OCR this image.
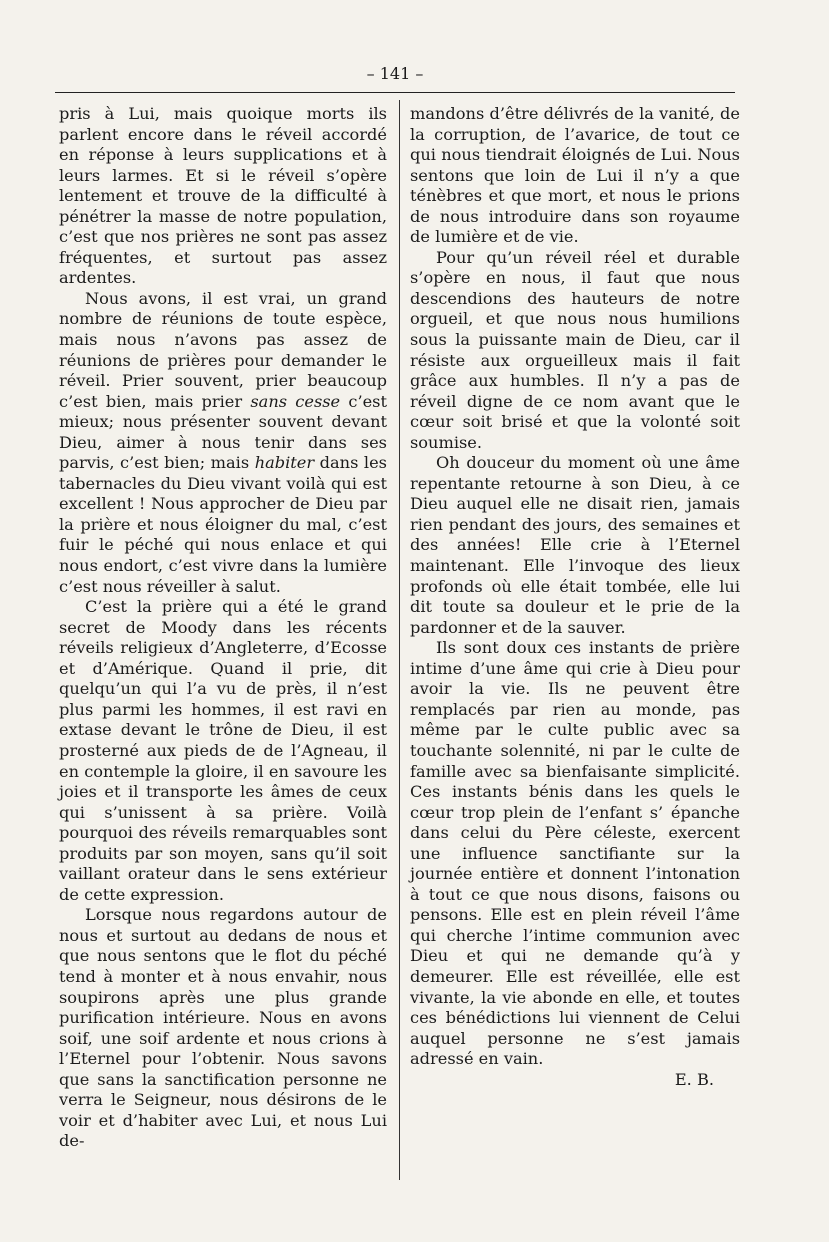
– 141 –

pris à Lui, mais quoique morts ils parlent encore dans le réveil accordé en réponse à leurs supplications et à leurs larmes. Et si le réveil s’opère lentement et trouve de la difficulté à pénétrer la masse de notre population, c’est que nos prières ne sont pas assez fréquentes, et surtout pas assez ardentes.

Nous avons, il est vrai, un grand nombre de réunions de toute espèce, mais nous n’avons pas assez de réunions de prières pour demander le réveil. Prier souvent, prier beaucoup c’est bien, mais prier sans cesse c’est mieux; nous présenter souvent devant Dieu, aimer à nous tenir dans ses parvis, c’est bien; mais habiter dans les tabernacles du Dieu vivant voilà qui est excellent ! Nous approcher de Dieu par la prière et nous éloigner du mal, c’est fuir le péché qui nous enlace et qui nous endort, c’est vivre dans la lumière c’est nous réveiller à salut.

C’est la prière qui a été le grand secret de Moody dans les récents réveils religieux d’Angleterre, d’Ecosse et d’Amérique. Quand il prie, dit quelqu’un qui l’a vu de près, il n’est plus parmi les hommes, il est ravi en extase devant le trône de Dieu, il est prosterné aux pieds de de l’Agneau, il en contemple la gloire, il en savoure les joies et il transporte les âmes de ceux qui s’unissent à sa prière. Voilà pourquoi des réveils remarquables sont produits par son moyen, sans qu’il soit vaillant orateur dans le sens extérieur de cette expression.

Lorsque nous regardons autour de nous et surtout au dedans de nous et que nous sentons que le flot du péché tend à monter et à nous envahir, nous soupirons après une plus grande purification intérieure. Nous en avons soif, une soif ardente et nous crions à l’Eternel pour l’obtenir. Nous savons que sans la sanctification personne ne verra le Seigneur, nous désirons de le voir et d’habiter avec Lui, et nous Lui de-

mandons d’être délivrés de la vanité, de la corruption, de l’avarice, de tout ce qui nous tiendrait éloignés de Lui. Nous sentons que loin de Lui il n’y a que ténèbres et que mort, et nous le prions de nous introduire dans son royaume de lumière et de vie.

Pour qu’un réveil réel et durable s’opère en nous, il faut que nous descendions des hauteurs de notre orgueil, et que nous nous humilions sous la puissante main de Dieu, car il résiste aux orgueilleux mais il fait grâce aux humbles. Il n’y a pas de réveil digne de ce nom avant que le cœur soit brisé et que la volonté soit soumise.

Oh douceur du moment où une âme repentante retourne à son Dieu, à ce Dieu auquel elle ne disait rien, jamais rien pendant des jours, des semaines et des années! Elle crie à l’Eternel maintenant. Elle l’invoque des lieux profonds où elle était tombée, elle lui dit toute sa douleur et le prie de la pardonner et de la sauver.

Ils sont doux ces instants de prière intime d’une âme qui crie à Dieu pour avoir la vie. Ils ne peuvent être remplacés par rien au monde, pas même par le culte public avec sa touchante solennité, ni par le culte de famille avec sa bienfaisante simplicité. Ces instants bénis dans les quels le cœur trop plein de l’enfant s’ épanche dans celui du Père céleste, exercent une influence sanctifiante sur la journée entière et donnent l’intonation à tout ce que nous disons, faisons ou pensons. Elle est en plein réveil l’âme qui cherche l’intime communion avec Dieu et qui ne demande qu’à y demeurer. Elle est réveillée, elle est vivante, la vie abonde en elle, et toutes ces bénédictions lui viennent de Celui auquel personne ne s’est jamais adressé en vain.

E. B.
